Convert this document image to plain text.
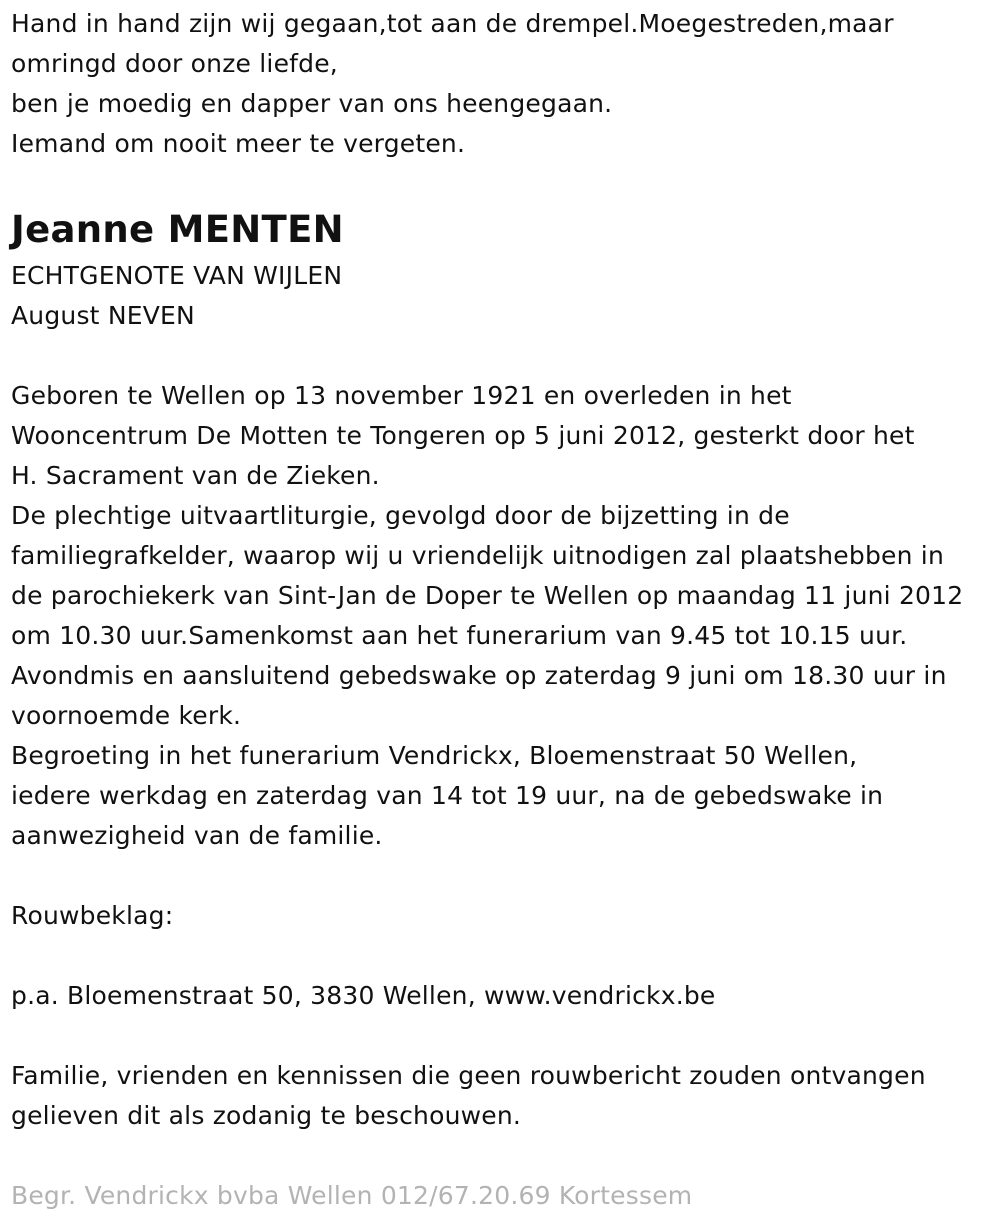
Hand in hand zijn wij gegaan,tot aan de drempel.Moegestreden,maar
omringd door onze liefde,
ben je moedig en dapper van ons heengegaan.
Iemand om nooit meer te vergeten.
Jeanne MENTEN
ECHTGENOTE VAN WIJLEN
August NEVEN
Geboren te Wellen op 13 november 1921 en overleden in het
Wooncentrum De Motten te Tongeren op 5 juni 2012, gesterkt door het
H. Sacrament van de Zieken.
De plechtige uitvaartliturgie, gevolgd door de bijzetting in de
familiegrafkelder, waarop wij u vriendelijk uitnodigen zal plaatshebben in
de parochiekerk van Sint-Jan de Doper te Wellen op maandag 11 juni 2012
om 10.30 uur.Samenkomst aan het funerarium van 9.45 tot 10.15 uur.
Avondmis en aansluitend gebedswake op zaterdag 9 juni om 18.30 uur in
voornoemde kerk.
Begroeting in het funerarium Vendrickx, Bloemenstraat 50 Wellen,
iedere werkdag en zaterdag van 14 tot 19 uur, na de gebedswake in
aanwezigheid van de familie.
Rouwbeklag:
p.a. Bloemenstraat 50, 3830 Wellen, www.vendrickx.be
Familie, vrienden en kennissen die geen rouwbericht zouden ontvangen
gelieven dit als zodanig te beschouwen.
Begr. Vendrickx bvba Wellen 012/67.20.69 Kortessem
